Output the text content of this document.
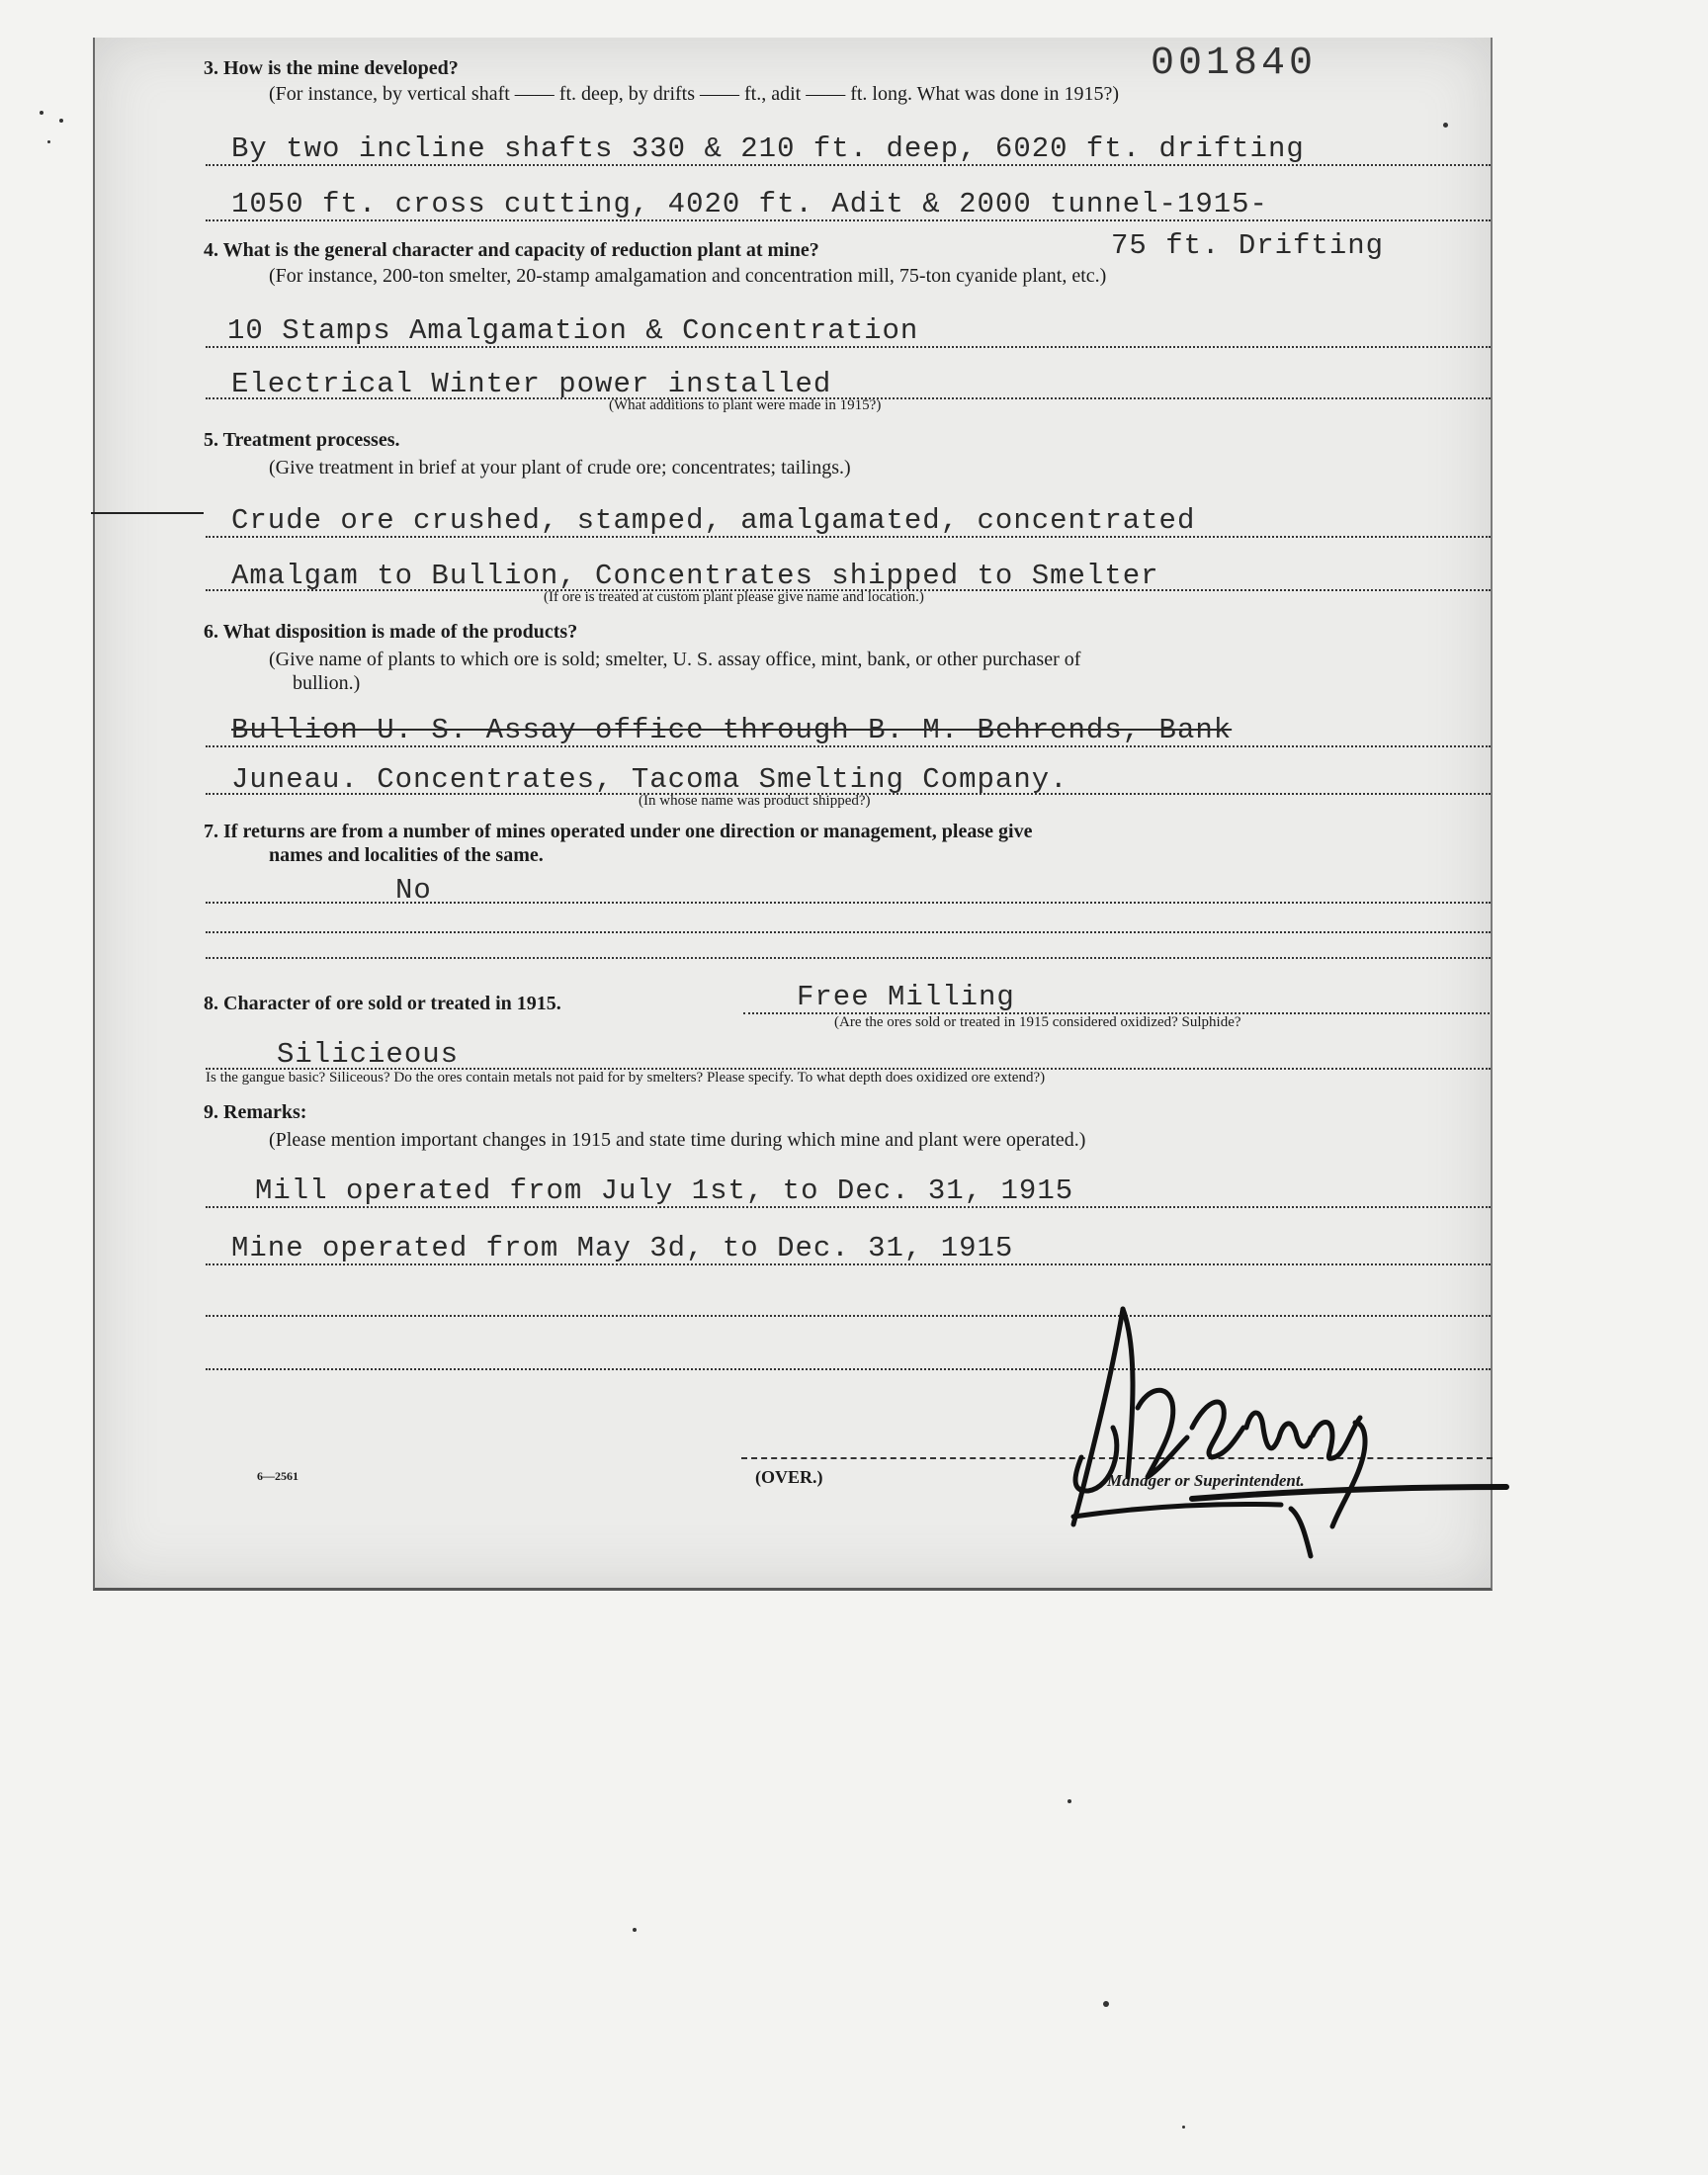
001840
3. How is the mine developed?
(For instance, by vertical shaft —— ft. deep, by drifts —— ft., adit —— ft. long. What was done in 1915?)
By two incline shafts 330 & 210 ft. deep, 6020 ft. drifting
1050 ft. cross cutting, 4020 ft. Adit & 2000 tunnel-1915-
4. What is the general character and capacity of reduction plant at mine?	75 ft. Drifting
(For instance, 200-ton smelter, 20-stamp amalgamation and concentration mill, 75-ton cyanide plant, etc.)
10 Stamps Amalgamation & Concentration
Electrical Winter power installed
(What additions to plant were made in 1915?)
5. Treatment processes.
(Give treatment in brief at your plant of crude ore; concentrates; tailings.)
Crude ore crushed, stamped, amalgamated, concentrated
Amalgam to Bullion, Concentrates shipped to Smelter
(If ore is treated at custom plant please give name and location.)
6. What disposition is made of the products?
(Give name of plants to which ore is sold; smelter, U. S. assay office, mint, bank, or other purchaser of
bullion.)
Bullion U. S. Assay office through B. M. Behrends, Bank
Juneau. Concentrates, Tacoma Smelting Company.
(In whose name was product shipped?)
7. If returns are from a number of mines operated under one direction or management, please give
names and localities of the same.
No
8. Character of ore sold or treated in 1915.	Free Milling
(Are the ores sold or treated in 1915 considered oxidized? Sulphide?
Silicieous
Is the gangue basic? Siliceous? Do the ores contain metals not paid for by smelters? Please specify. To what depth does oxidized ore extend?)
9. Remarks:
(Please mention important changes in 1915 and state time during which mine and plant were operated.)
Mill operated from July 1st, to Dec. 31, 1915
Mine operated from May 3d, to Dec. 31, 1915
6—2561	(OVER.)	Manager or Superintendent.
